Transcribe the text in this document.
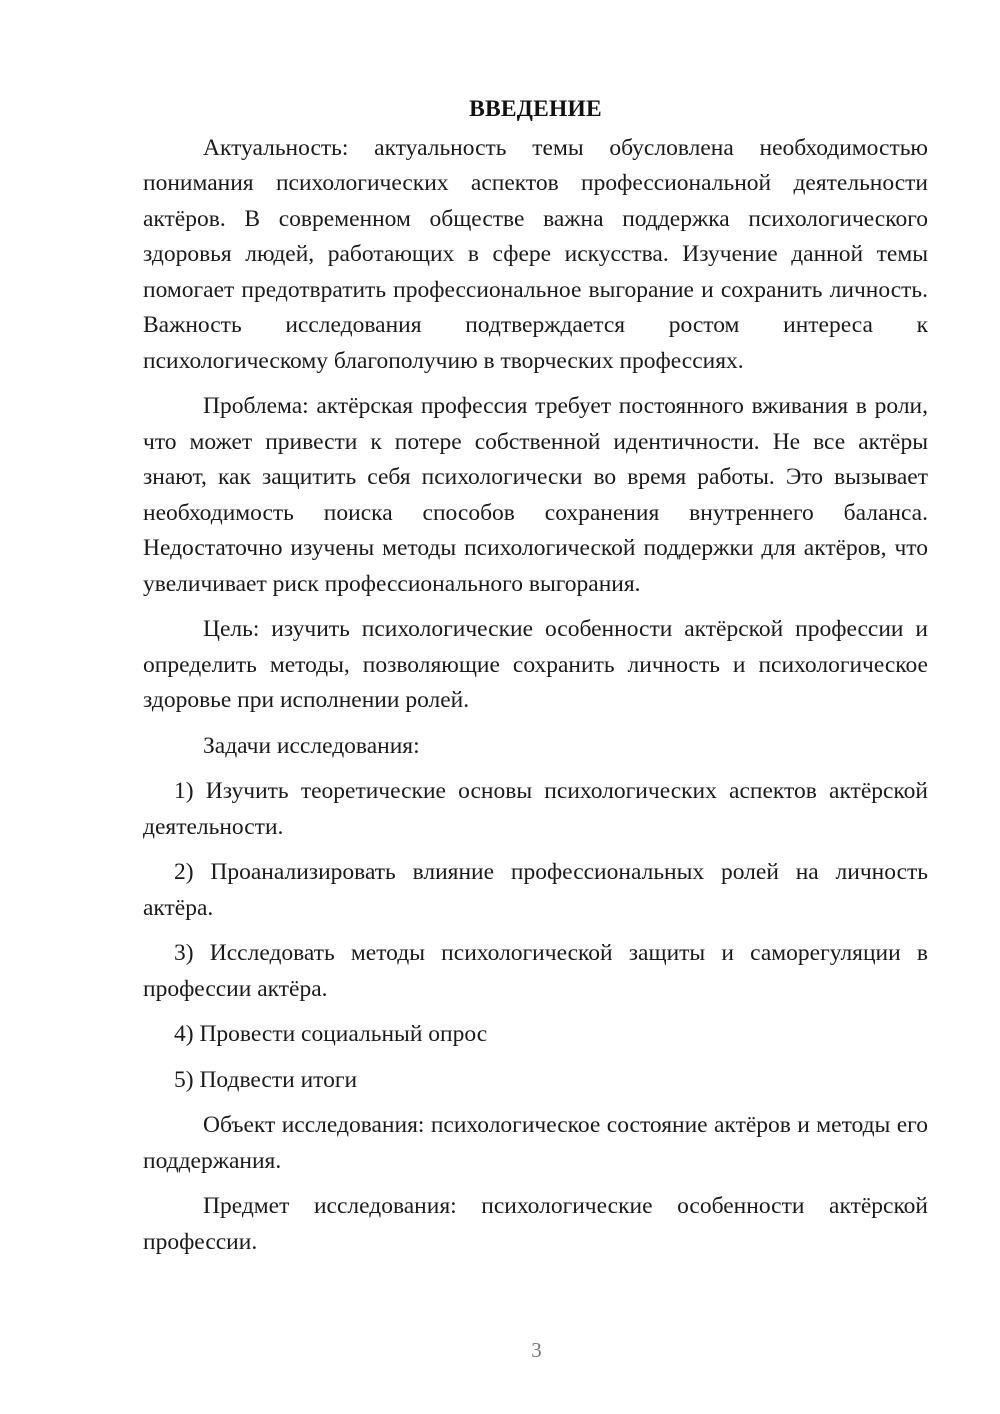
ВВЕДЕНИЕ

Актуальность: актуальность темы обусловлена необходимостью понимания психологических аспектов профессиональной деятельности актёров. В современном обществе важна поддержка психологического здоровья людей, работающих в сфере искусства. Изучение данной темы помогает предотвратить профессиональное выгорание и сохранить личность. Важность исследования подтверждается ростом интереса к психологическому благополучию в творческих профессиях.

Проблема: актёрская профессия требует постоянного вживания в роли, что может привести к потере собственной идентичности. Не все актёры знают, как защитить себя психологически во время работы. Это вызывает необходимость поиска способов сохранения внутреннего баланса. Недостаточно изучены методы психологической поддержки для актёров, что увеличивает риск профессионального выгорания.

Цель: изучить психологические особенности актёрской профессии и определить методы, позволяющие сохранить личность и психологическое здоровье при исполнении ролей.

Задачи исследования:

1) Изучить теоретические основы психологических аспектов актёрской деятельности.

2) Проанализировать влияние профессиональных ролей на личность актёра.

3) Исследовать методы психологической защиты и саморегуляции в профессии актёра.

4) Провести социальный опрос

5) Подвести итоги

Объект исследования: психологическое состояние актёров и методы его поддержания.

Предмет исследования: психологические особенности актёрской профессии.

3
